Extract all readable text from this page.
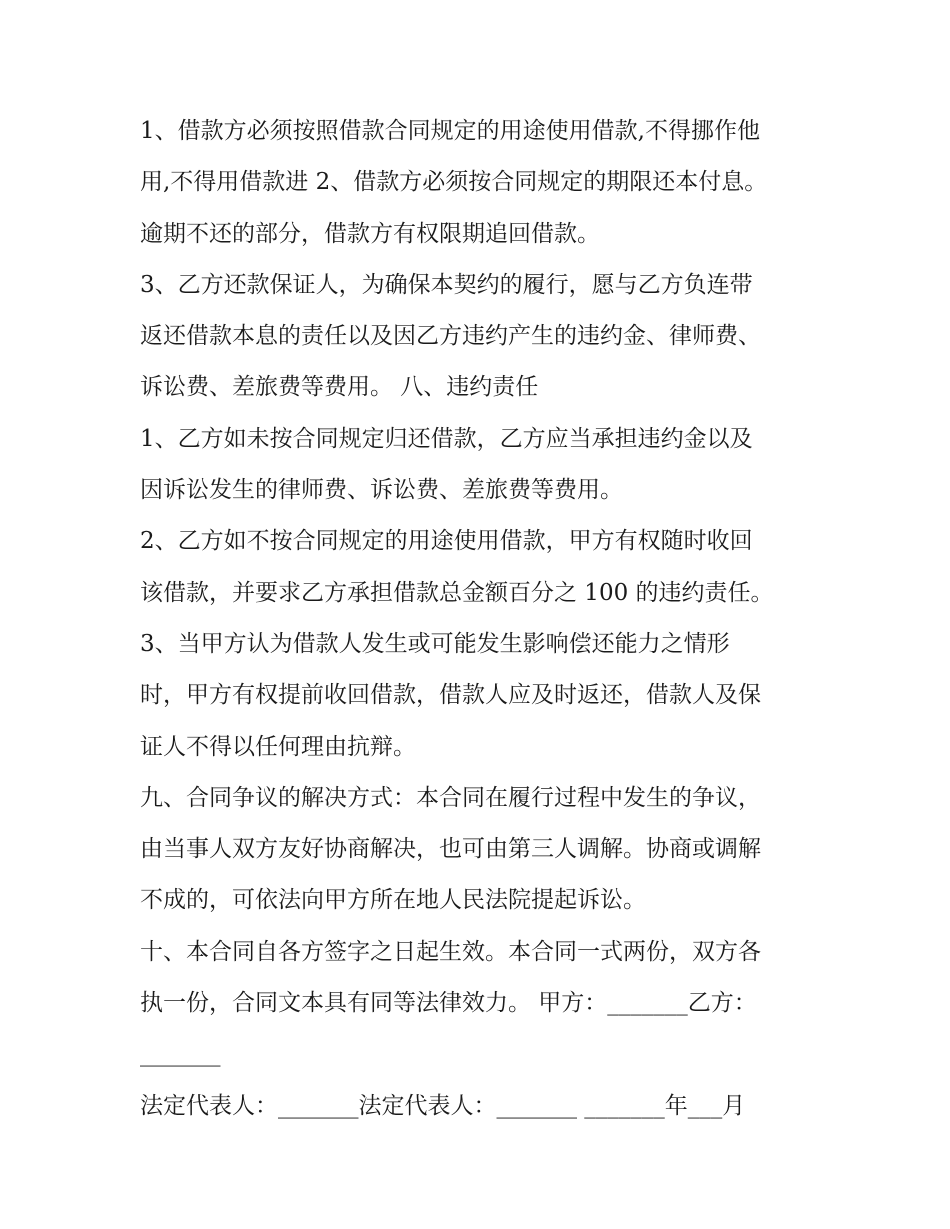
1、借款方必须按照借款合同规定的用途使用借款,不得挪作他
用,不得用借款进 2、借款方必须按合同规定的期限还本付息。
逾期不还的部分，借款方有权限期追回借款。
3、乙方还款保证人，为确保本契约的履行，愿与乙方负连带
返还借款本息的责任以及因乙方违约产生的违约金、律师费、
诉讼费、差旅费等费用。 八、违约责任
1、乙方如未按合同规定归还借款，乙方应当承担违约金以及
因诉讼发生的律师费、诉讼费、差旅费等费用。
2、乙方如不按合同规定的用途使用借款，甲方有权随时收回
该借款，并要求乙方承担借款总金额百分之 100 的违约责任。
3、当甲方认为借款人发生或可能发生影响偿还能力之情形
时，甲方有权提前收回借款，借款人应及时返还，借款人及保
证人不得以任何理由抗辩。
九、合同争议的解决方式：本合同在履行过程中发生的争议，
由当事人双方友好协商解决，也可由第三人调解。协商或调解
不成的，可依法向甲方所在地人民法院提起诉讼。
十、本合同自各方签字之日起生效。本合同一式两份，双方各
执一份，合同文本具有同等法律效力。 甲方：_______乙方：
_______
法定代表人：_______法定代表人：_______ _______年___月
